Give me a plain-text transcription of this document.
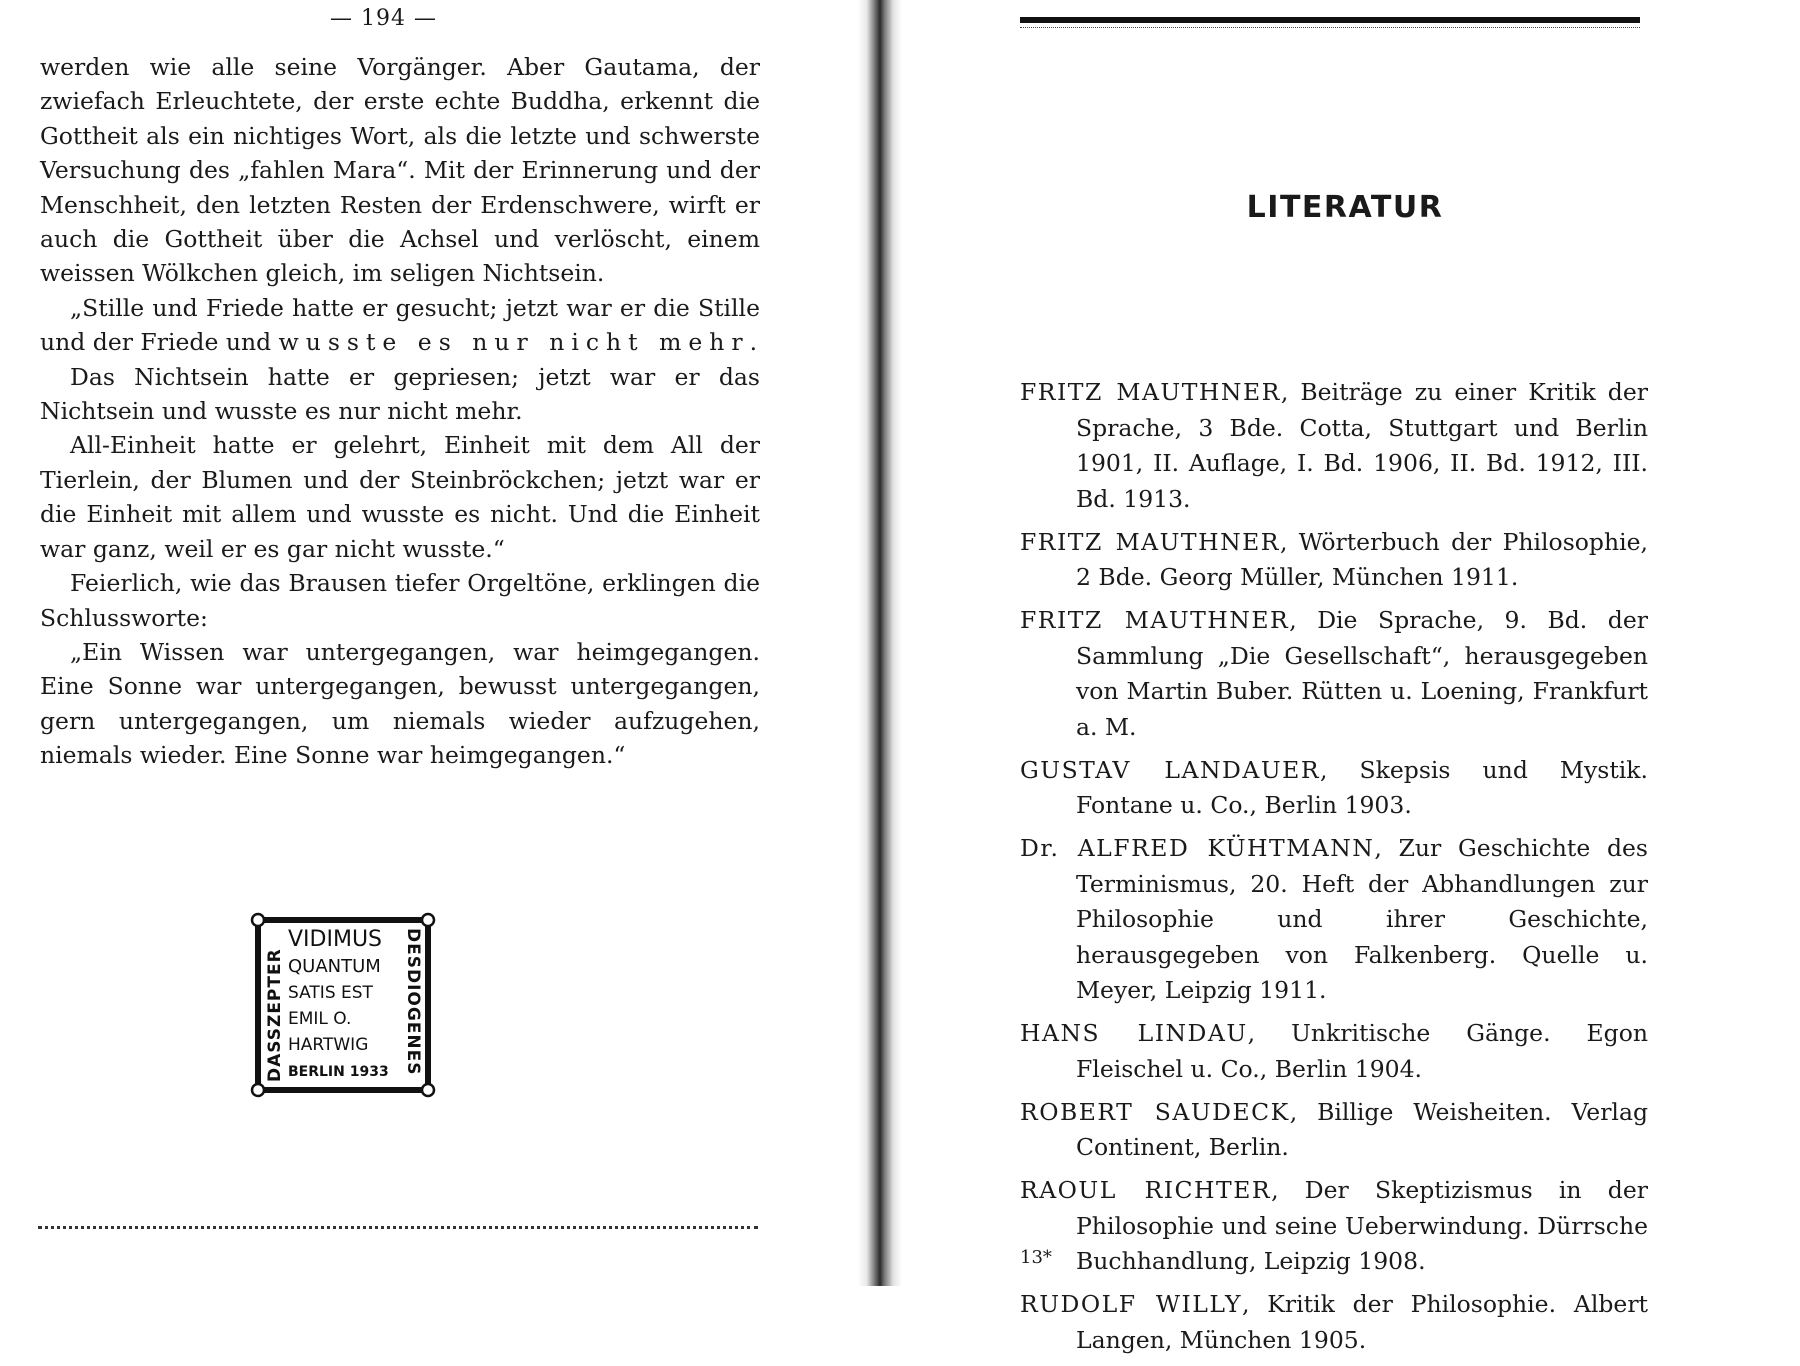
— 194 —

werden wie alle seine Vorgänger. Aber Gautama, der zwiefach Erleuchtete, der erste echte Buddha, erkennt die Gottheit als ein nichtiges Wort, als die letzte und schwerste Versuchung des „fahlen Mara“. Mit der Erinnerung und der Menschheit, den letzten Resten der Erdenschwere, wirft er auch die Gottheit über die Achsel und verlöscht, einem weissen Wölkchen gleich, im seligen Nichtsein.

„Stille und Friede hatte er gesucht; jetzt war er die Stille und der Friede und wusste es nur nicht mehr.

Das Nichtsein hatte er gepriesen; jetzt war er das Nichtsein und wusste es nur nicht mehr.

All-Einheit hatte er gelehrt, Einheit mit dem All der Tierlein, der Blumen und der Steinbröckchen; jetzt war er die Einheit mit allem und wusste es nicht. Und die Einheit war ganz, weil er es gar nicht wusste.“

Feierlich, wie das Brausen tiefer Orgeltöne, erklingen die Schlussworte:

„Ein Wissen war untergegangen, war heimgegangen. Eine Sonne war untergegangen, bewusst untergegangen, gern untergegangen, um niemals wieder aufzugehen, niemals wieder. Eine Sonne war heimgegangen.“

DASSZEPTER	DESDIOGENES
VIDIMUS
QUANTUM
SATIS EST
EMIL O.
HARTWIG
BERLIN 1933
LITERATUR

FRITZ MAUTHNER, Beiträge zu einer Kritik der Sprache, 3 Bde. Cotta, Stuttgart und Berlin 1901, II. Auflage, I. Bd. 1906, II. Bd. 1912, III. Bd. 1913.

FRITZ MAUTHNER, Wörterbuch der Philosophie, 2 Bde. Georg Müller, München 1911.

FRITZ MAUTHNER, Die Sprache, 9. Bd. der Sammlung „Die Gesellschaft“, herausgegeben von Martin Buber. Rütten u. Loening, Frankfurt a. M.

GUSTAV LANDAUER, Skepsis und Mystik. Fontane u. Co., Berlin 1903.

Dr. ALFRED KÜHTMANN, Zur Geschichte des Terminismus, 20. Heft der Abhandlungen zur Philosophie und ihrer Geschichte, herausgegeben von Falkenberg. Quelle u. Meyer, Leipzig 1911.

HANS LINDAU, Unkritische Gänge. Egon Fleischel u. Co., Berlin 1904.

ROBERT SAUDECK, Billige Weisheiten. Verlag Continent, Berlin.

RAOUL RICHTER, Der Skeptizismus in der Philosophie und seine Ueberwindung. Dürrsche Buchhandlung, Leipzig 1908.

RUDOLF WILLY, Kritik der Philosophie. Albert Langen, München 1905.

13*
